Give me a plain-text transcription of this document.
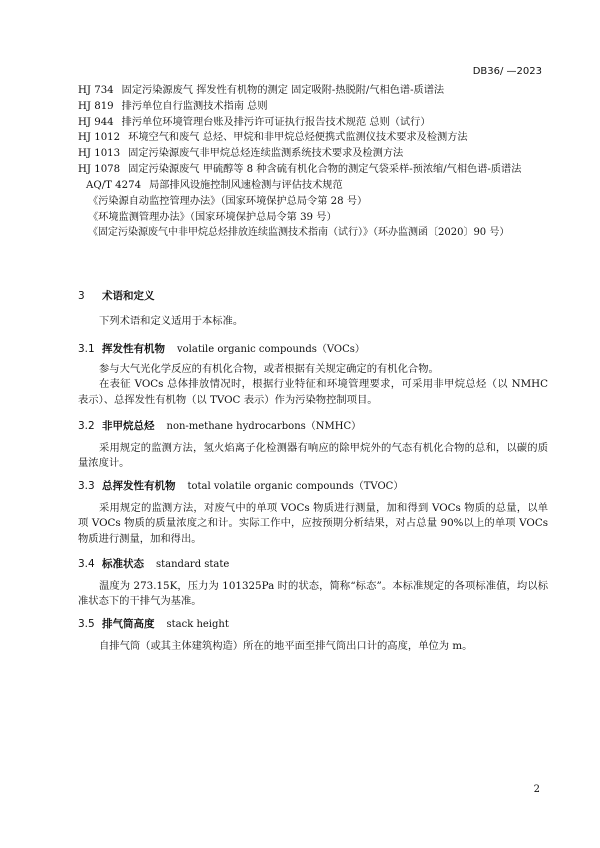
DB36/ —2023

HJ 734 固定污染源废气 挥发性有机物的测定 固定吸附-热脱附/气相色谱-质谱法

HJ 819 排污单位自行监测技术指南 总则

HJ 944 排污单位环境管理台账及排污许可证执行报告技术规范 总则（试行）

HJ 1012 环境空气和废气 总烃、甲烷和非甲烷总烃便携式监测仪技术要求及检测方法

HJ 1013 固定污染源废气非甲烷总烃连续监测系统技术要求及检测方法

HJ 1078 固定污染源废气 甲硫醇等 8 种含硫有机化合物的测定气袋采样-预浓缩/气相色谱-质谱法

AQ/T 4274 局部排风设施控制风速检测与评估技术规范

《污染源自动监控管理办法》（国家环境保护总局令第 28 号）

《环境监测管理办法》（国家环境保护总局令第 39 号）

《固定污染源废气中非甲烷总烃排放连续监测技术指南（试行）》（环办监测函〔2020〕90 号）

3 术语和定义

下列术语和定义适用于本标准。

3.1 挥发性有机物 volatile organic compounds（VOCs）

参与大气光化学反应的有机化合物，或者根据有关规定确定的有机化合物。

在表征 VOCs 总体排放情况时，根据行业特征和环境管理要求，可采用非甲烷总烃（以 NMHC 表示）、总挥发性有机物（以 TVOC 表示）作为污染物控制项目。

3.2 非甲烷总烃 non-methane hydrocarbons（NMHC）

采用规定的监测方法，氢火焰离子化检测器有响应的除甲烷外的气态有机化合物的总和，以碳的质量浓度计。

3.3 总挥发性有机物 total volatile organic compounds（TVOC）

采用规定的监测方法，对废气中的单项 VOCs 物质进行测量，加和得到 VOCs 物质的总量，以单项 VOCs 物质的质量浓度之和计。实际工作中，应按预期分析结果，对占总量 90%以上的单项 VOCs 物质进行测量，加和得出。

3.4 标准状态 standard state

温度为 273.15K，压力为 101325Pa 时的状态，简称“标态”。本标准规定的各项标准值，均以标准状态下的干排气为基准。

3.5 排气筒高度 stack height

自排气筒（或其主体建筑构造）所在的地平面至排气筒出口计的高度，单位为 m。

2
